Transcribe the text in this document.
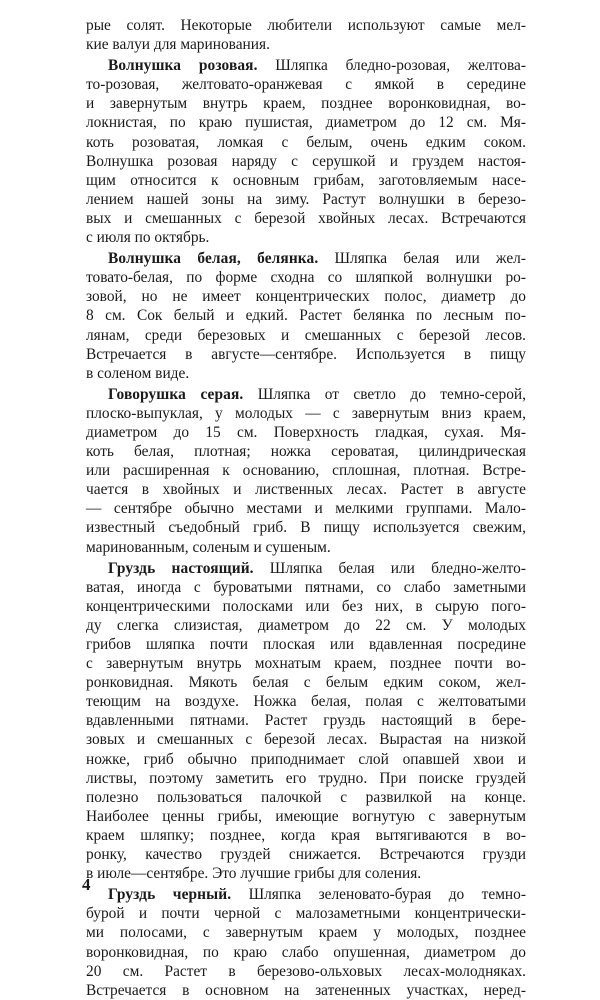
рые солят. Некоторые любители используют самые мел-
кие валуи для маринования.
Волнушка розовая. Шляпка бледно-розовая, желтова-
то-розовая, желтовато-оранжевая с ямкой в середине
и завернутым внутрь краем, позднее воронковидная, во-
локнистая, по краю пушистая, диаметром до 12 см. Мя-
коть розоватая, ломкая с белым, очень едким соком.
Волнушка розовая наряду с серушкой и груздем настоя-
щим относится к основным грибам, заготовляемым насе-
лением нашей зоны на зиму. Растут волнушки в березо-
вых и смешанных с березой хвойных лесах. Встречаются
с июля по октябрь.
Волнушка белая, белянка. Шляпка белая или жел-
товато-белая, по форме сходна со шляпкой волнушки ро-
зовой, но не имеет концентрических полос, диаметр до
8 см. Сок белый и едкий. Растет белянка по лесным по-
лянам, среди березовых и смешанных с березой лесов.
Встречается в августе—сентябре. Используется в пищу
в соленом виде.
Говорушка серая. Шляпка от светло до темно-серой,
плоско-выпуклая, у молодых — с завернутым вниз краем,
диаметром до 15 см. Поверхность гладкая, сухая. Мя-
коть белая, плотная; ножка сероватая, цилиндрическая
или расширенная к основанию, сплошная, плотная. Встре-
чается в хвойных и лиственных лесах. Растет в августе
— сентябре обычно местами и мелкими группами. Мало-
известный съедобный гриб. В пищу используется свежим,
маринованным, соленым и сушеным.
Груздь настоящий. Шляпка белая или бледно-желто-
ватая, иногда с буроватыми пятнами, со слабо заметными
концентрическими полосками или без них, в сырую пого-
ду слегка слизистая, диаметром до 22 см. У молодых
грибов шляпка почти плоская или вдавленная посредине
с завернутым внутрь мохнатым краем, позднее почти во-
ронковидная. Мякоть белая с белым едким соком, жел-
теющим на воздухе. Ножка белая, полая с желтоватыми
вдавленными пятнами. Растет груздь настоящий в бере-
зовых и смешанных с березой лесах. Вырастая на низкой
ножке, гриб обычно приподнимает слой опавшей хвои и
листвы, поэтому заметить его трудно. При поиске груздей
полезно пользоваться палочкой с развилкой на конце.
Наиболее ценны грибы, имеющие вогнутую с завернутым
краем шляпку; позднее, когда края вытягиваются в во-
ронку, качество груздей снижается. Встречаются грузди
в июле—сентябре. Это лучшие грибы для соления.
Груздь черный. Шляпка зеленовато-бурая до темно-
бурой и почти черной с малозаметными концентрически-
ми полосами, с завернутым краем у молодых, позднее
воронковидная, по краю слабо опушенная, диаметром до
20 см. Растет в березово-ольховых лесах-молодняках.
Встречается в основном на затененных участках, неред-
4
